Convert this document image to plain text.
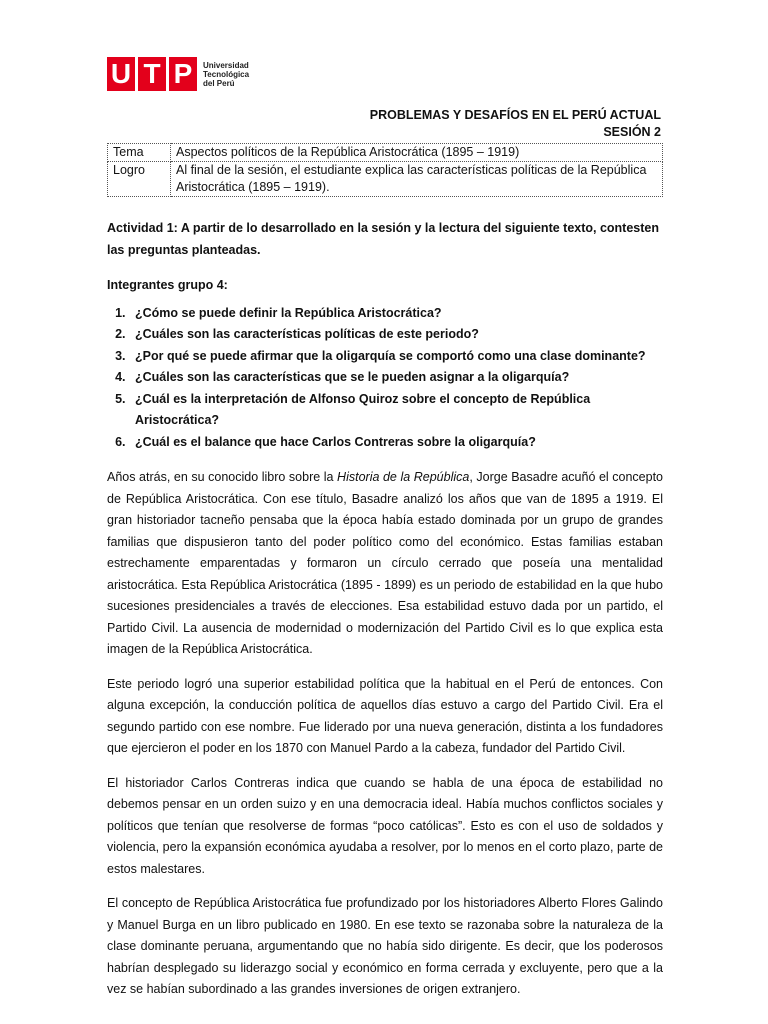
U T P	Universidad
Tecnológica
del Perú
PROBLEMAS Y DESAFÍOS EN EL PERÚ ACTUAL
SESIÓN 2
Tema	Aspectos políticos de la República Aristocrática (1895 – 1919)
Logro	Al final de la sesión, el estudiante explica las características políticas de la República Aristocrática (1895 – 1919).

Actividad 1: A partir de lo desarrollado en la sesión y la lectura del siguiente texto, contesten las preguntas planteadas.

Integrantes grupo 4:

1. ¿Cómo se puede definir la República Aristocrática?
2. ¿Cuáles son las características políticas de este periodo?
3. ¿Por qué se puede afirmar que la oligarquía se comportó como una clase dominante?
4. ¿Cuáles son las características que se le pueden asignar a la oligarquía?
5. ¿Cuál es la interpretación de Alfonso Quiroz sobre el concepto de República Aristocrática?
6. ¿Cuál es el balance que hace Carlos Contreras sobre la oligarquía?

Años atrás, en su conocido libro sobre la Historia de la República, Jorge Basadre acuñó el concepto de República Aristocrática. Con ese título, Basadre analizó los años que van de 1895 a 1919. El gran historiador tacneño pensaba que la época había estado dominada por un grupo de grandes familias que dispusieron tanto del poder político como del económico. Estas familias estaban estrechamente emparentadas y formaron un círculo cerrado que poseía una mentalidad aristocrática. Esta República Aristocrática (1895 - 1899) es un periodo de estabilidad en la que hubo sucesiones presidenciales a través de elecciones. Esa estabilidad estuvo dada por un partido, el Partido Civil. La ausencia de modernidad o modernización del Partido Civil es lo que explica esta imagen de la República Aristocrática.

Este periodo logró una superior estabilidad política que la habitual en el Perú de entonces. Con alguna excepción, la conducción política de aquellos días estuvo a cargo del Partido Civil. Era el segundo partido con ese nombre. Fue liderado por una nueva generación, distinta a los fundadores que ejercieron el poder en los 1870 con Manuel Pardo a la cabeza, fundador del Partido Civil.

El historiador Carlos Contreras indica que cuando se habla de una época de estabilidad no debemos pensar en un orden suizo y en una democracia ideal. Había muchos conflictos sociales y políticos que tenían que resolverse de formas “poco católicas”. Esto es con el uso de soldados y violencia, pero la expansión económica ayudaba a resolver, por lo menos en el corto plazo, parte de estos malestares.

El concepto de República Aristocrática fue profundizado por los historiadores Alberto Flores Galindo y Manuel Burga en un libro publicado en 1980. En ese texto se razonaba sobre la naturaleza de la clase dominante peruana, argumentando que no había sido dirigente. Es decir, que los poderosos habrían desplegado su liderazgo social y económico en forma cerrada y excluyente, pero que a la vez se habían subordinado a las grandes inversiones de origen extranjero.
